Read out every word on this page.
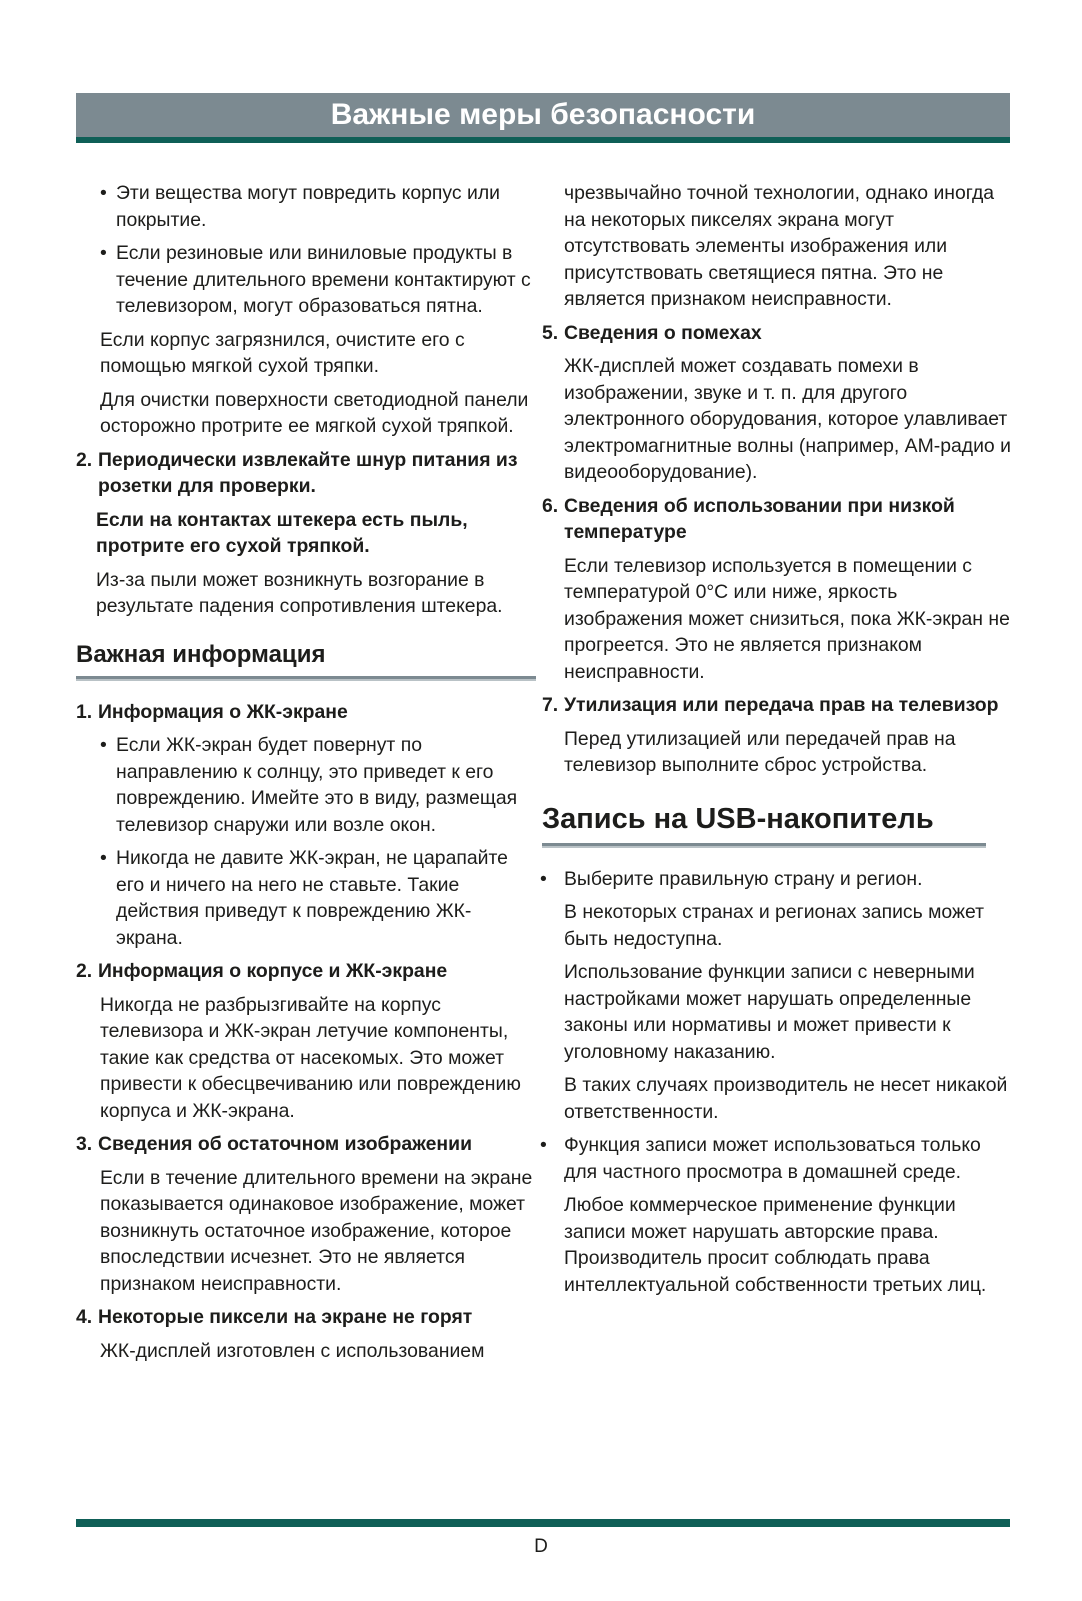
Важные меры безопасности
• Эти вещества могут повредить корпус или покрытие.
• Если резиновые или виниловые продукты в течение длительного времени контактируют с телевизором, могут образоваться пятна.

Если корпус загрязнился, очистите его с помощью мягкой сухой тряпки.

Для очистки поверхности светодиодной панели осторожно протрите ее мягкой сухой тряпкой.

2. Периодически извлекайте шнур питания из розетки для проверки.

Если на контактах штекера есть пыль, протрите его сухой тряпкой.

Из-за пыли может возникнуть возгорание в результате падения сопротивления штекера.

Важная информация
1. Информация о ЖК-экране
• Если ЖК-экран будет повернут по направлению к солнцу, это приведет к его повреждению. Имейте это в виду, размещая телевизор снаружи или возле окон.
• Никогда не давите ЖК-экран, не царапайте его и ничего на него не ставьте. Такие действия приведут к повреждению ЖК-экрана.
2. Информация о корпусе и ЖК-экране

Никогда не разбрызгивайте на корпус телевизора и ЖК-экран летучие компоненты, такие как средства от насекомых. Это может привести к обесцвечиванию или повреждению корпуса и ЖК-экрана.

3. Сведения об остаточном изображении

Если в течение длительного времени на экране показывается одинаковое изображение, может возникнуть остаточное изображение, которое впоследствии исчезнет. Это не является признаком неисправности.

4. Некоторые пиксели на экране не горят

ЖК-дисплей изготовлен с использованием

чрезвычайно точной технологии, однако иногда на некоторых пикселях экрана могут отсутствовать элементы изображения или присутствовать светящиеся пятна. Это не является признаком неисправности.

5. Сведения о помехах

ЖК-дисплей может создавать помехи в изображении, звуке и т. п. для другого электронного оборудования, которое улавливает электромагнитные волны (например, AM-радио и видеооборудование).

6. Сведения об использовании при низкой температуре

Если телевизор используется в помещении с температурой 0°C или ниже, яркость изображения может снизиться, пока ЖК-экран не прогреется. Это не является признаком неисправности.

7. Утилизация или передача прав на телевизор

Перед утилизацией или передачей прав на телевизор выполните сброс устройства.

Запись на USB-накопитель
• Выберите правильную страну и регион.

В некоторых странах и регионах запись может быть недоступна.

Использование функции записи с неверными настройками может нарушать определенные законы или нормативы и может привести к уголовному наказанию.

В таких случаях производитель не несет никакой ответственности.

• Функция записи может использоваться только для частного просмотра в домашней среде.

Любое коммерческое применение функции записи может нарушать авторские права. Производитель просит соблюдать права интеллектуальной собственности третьих лиц.

D
